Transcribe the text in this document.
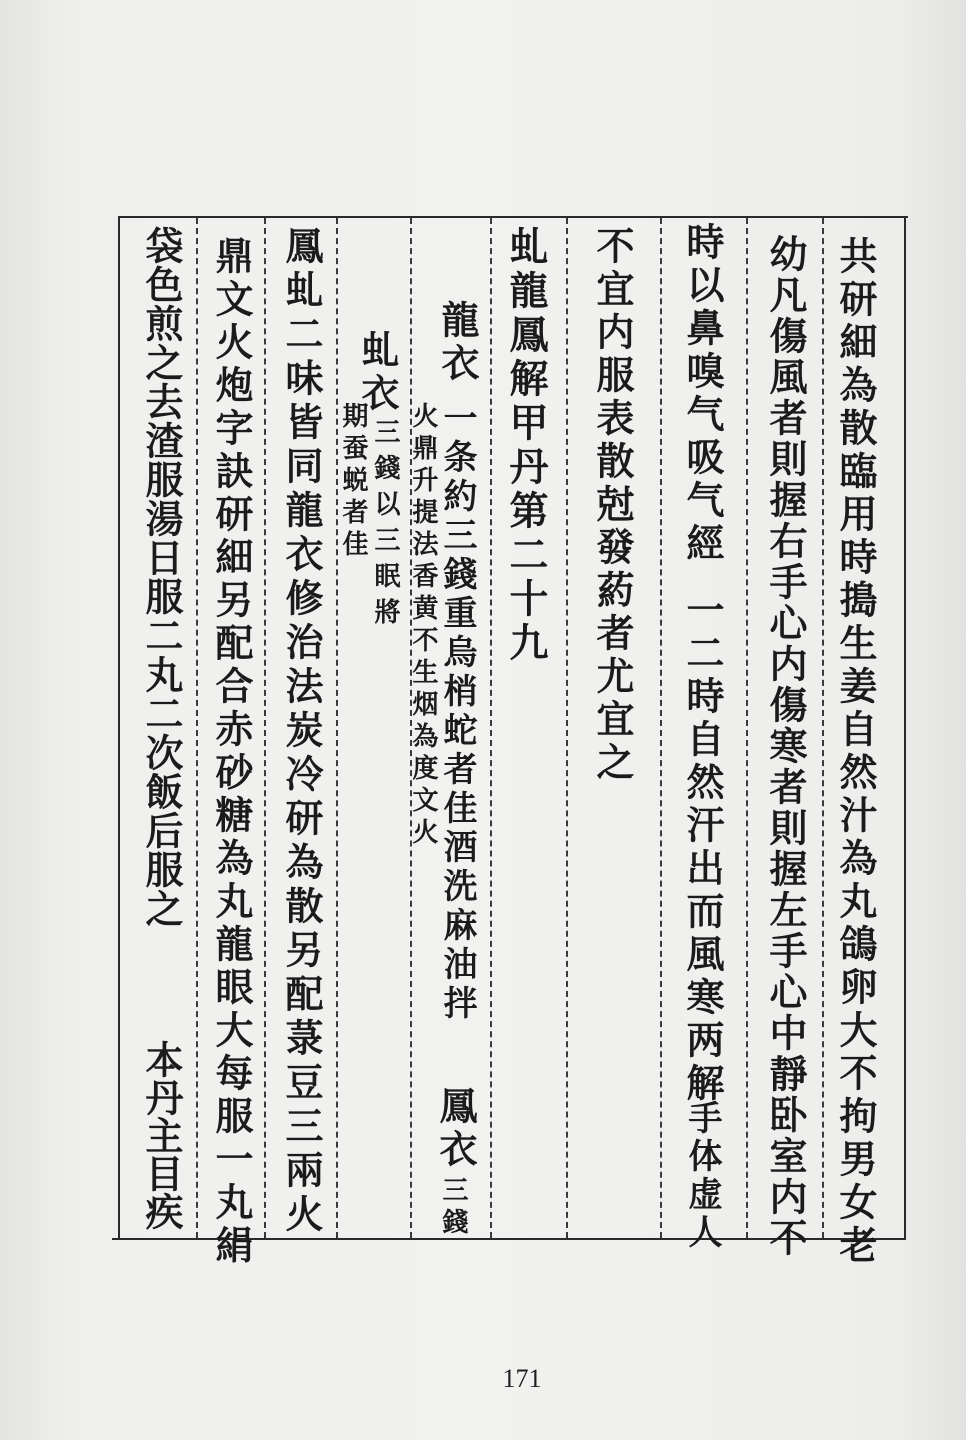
共研細為散臨用時搗生姜自然汁為丸鴿卵大不拘男女老
幼凡傷風者則握右手心内傷寒者則握左手心中靜卧室内不
時以鼻嗅气吸气經
一二時自然汗出而風寒两解
手体虚人
不宜内服表散尅發葯者尤宜之
虬龍鳳解甲丹第二十九
龍衣
一条約三錢重烏梢蛇者佳酒洗麻油拌
火鼎升提法香黄不生烟為度文火
鳳衣
三錢
虬衣
三錢以三眠將
期蚕蜕者佳
鳳虬二味皆同龍衣修治法炭冷研為散另配菉豆三兩火
鼎文火炮字訣研細另配合赤砂糖為丸龍眼大每服一丸絹
袋色煎之去渣服湯日服二丸二次飯后服之
本丹主目疾
171
